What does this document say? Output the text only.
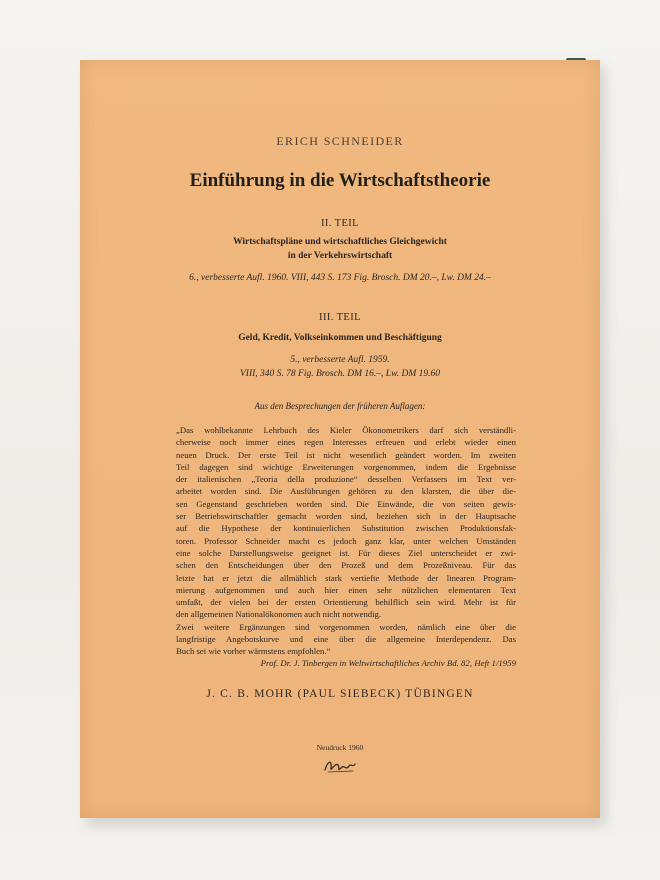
ERICH SCHNEIDER
Einführung in die Wirtschaftstheorie
II. TEIL
Wirtschaftspläne und wirtschaftliches Gleichgewicht
in der Verkehrswirtschaft
6., verbesserte Aufl. 1960. VIII, 443 S. 173 Fig. Brosch. DM 20.–, Lw. DM 24.–
III. TEIL
Geld, Kredit, Volkseinkommen und Beschäftigung
5., verbesserte Aufl. 1959.
VIII, 340 S. 78 Fig. Brosch. DM 16.–, Lw. DM 19.60
Aus den Besprechungen der früheren Auflagen:
„Das wohlbekannte Lehrbuch des Kieler Ökonometrikers darf sich verständli-
cherweise noch immer eines regen Interesses erfreuen und erlebt wieder einen
neuen Druck. Der erste Teil ist nicht wesentlich geändert worden. Im zweiten
Teil dagegen sind wichtige Erweiterungen vorgenommen, indem die Ergebnisse
der italienischen „Teoria della produzione“ desselben Verfassers im Text ver-
arbeitet worden sind. Die Ausführungen gehören zu den klarsten, die über die-
sen Gegenstand geschrieben worden sind. Die Einwände, die von seiten gewis-
ser Betriebswirtschaftler gemacht worden sind, beziehen sich in der Hauptsache
auf die Hypothese der kontinuierlichen Substitution zwischen Produktionsfak-
toren. Professor Schneider macht es jedoch ganz klar, unter welchen Umständen
eine solche Darstellungsweise geeignet ist. Für dieses Ziel unterscheidet er zwi-
schen den Entscheidungen über den Prozeß und dem Prozeßniveau. Für das
letzte hat er jetzt die allmählich stark vertiefte Methode der linearen Program-
mierung aufgenommen und auch hier einen sehr nützlichen elementaren Text
umfaßt, der vielen bei der ersten Orientierung behilflich sein wird. Mehr ist für
den allgemeinen Nationalökonomen auch nicht notwendig.
Zwei weitere Ergänzungen sind vorgenommen worden, nämlich eine über die
langfristige Angebotskurve und eine über die allgemeine Interdependenz. Das
Buch sei wie vorher wärmstens empfohlen.“
Prof. Dr. J. Tinbergen in Weltwirtschaftliches Archiv Bd. 82, Heft 1/1959
J. C. B. MOHR (PAUL SIEBECK) TÜBINGEN
Neudruck 1960
